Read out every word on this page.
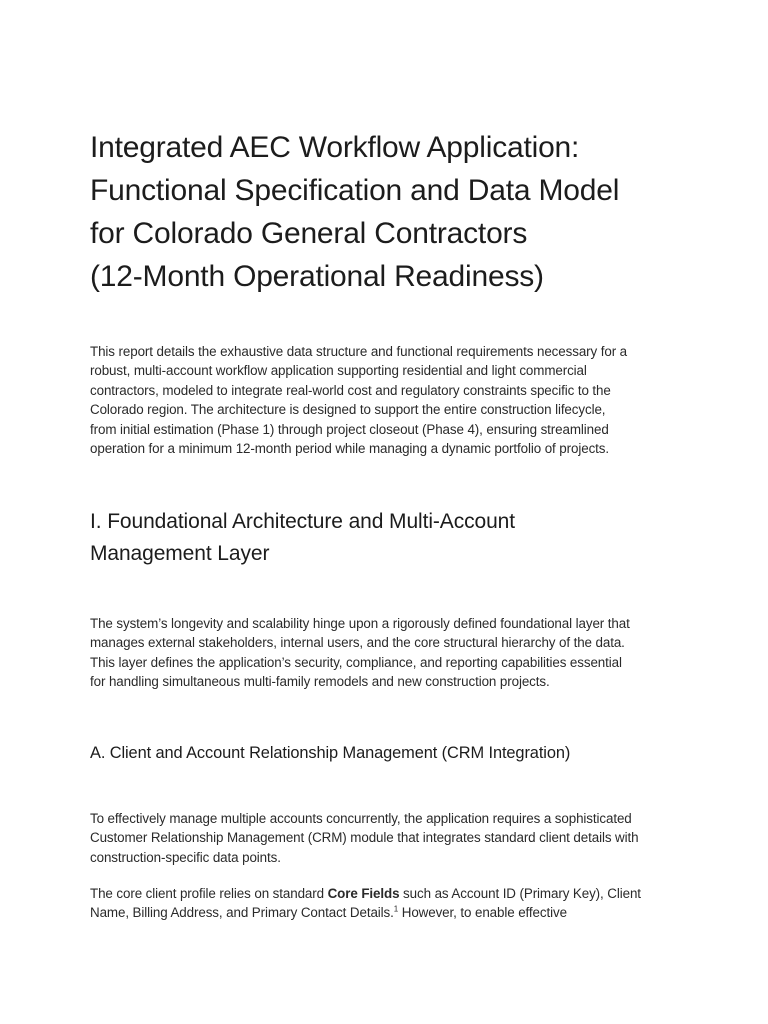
Integrated AEC Workflow Application:
Functional Specification and Data Model
for Colorado General Contractors
(12-Month Operational Readiness)

This report details the exhaustive data structure and functional requirements necessary for a
robust, multi-account workflow application supporting residential and light commercial
contractors, modeled to integrate real-world cost and regulatory constraints specific to the
Colorado region. The architecture is designed to support the entire construction lifecycle,
from initial estimation (Phase 1) through project closeout (Phase 4), ensuring streamlined
operation for a minimum 12-month period while managing a dynamic portfolio of projects.

I. Foundational Architecture and Multi-Account
Management Layer

The system’s longevity and scalability hinge upon a rigorously defined foundational layer that
manages external stakeholders, internal users, and the core structural hierarchy of the data.
This layer defines the application’s security, compliance, and reporting capabilities essential
for handling simultaneous multi-family remodels and new construction projects.

A. Client and Account Relationship Management (CRM Integration)

To effectively manage multiple accounts concurrently, the application requires a sophisticated
Customer Relationship Management (CRM) module that integrates standard client details with
construction-specific data points.

The core client profile relies on standard Core Fields such as Account ID (Primary Key), Client
Name, Billing Address, and Primary Contact Details.$^1$ However, to enable effective
